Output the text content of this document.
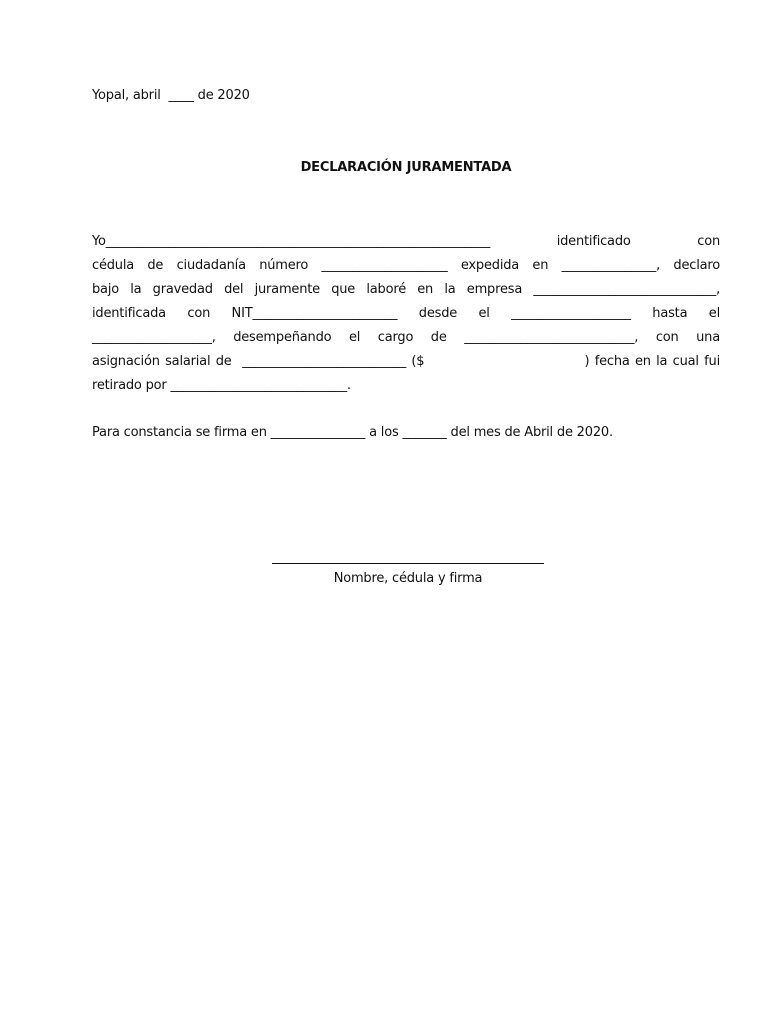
Yopal, abril  ____ de 2020
DECLARACIÓN JURAMENTADA
Yo_____________________________________________________________ identificado con
cédula de ciudadanía número ____________________ expedida en _______________, declaro
bajo la gravedad del juramente que laboré en la empresa _____________________________,
identificada con NIT_______________________ desde el ___________________ hasta el
___________________, desempeñando el cargo de ___________________________, con una
asignación salarial de  __________________________ ($                              ) fecha en la cual fui
retirado por ____________________________.
Para constancia se firma en _______________ a los _______ del mes de Abril de 2020.
Nombre, cédula y firma
